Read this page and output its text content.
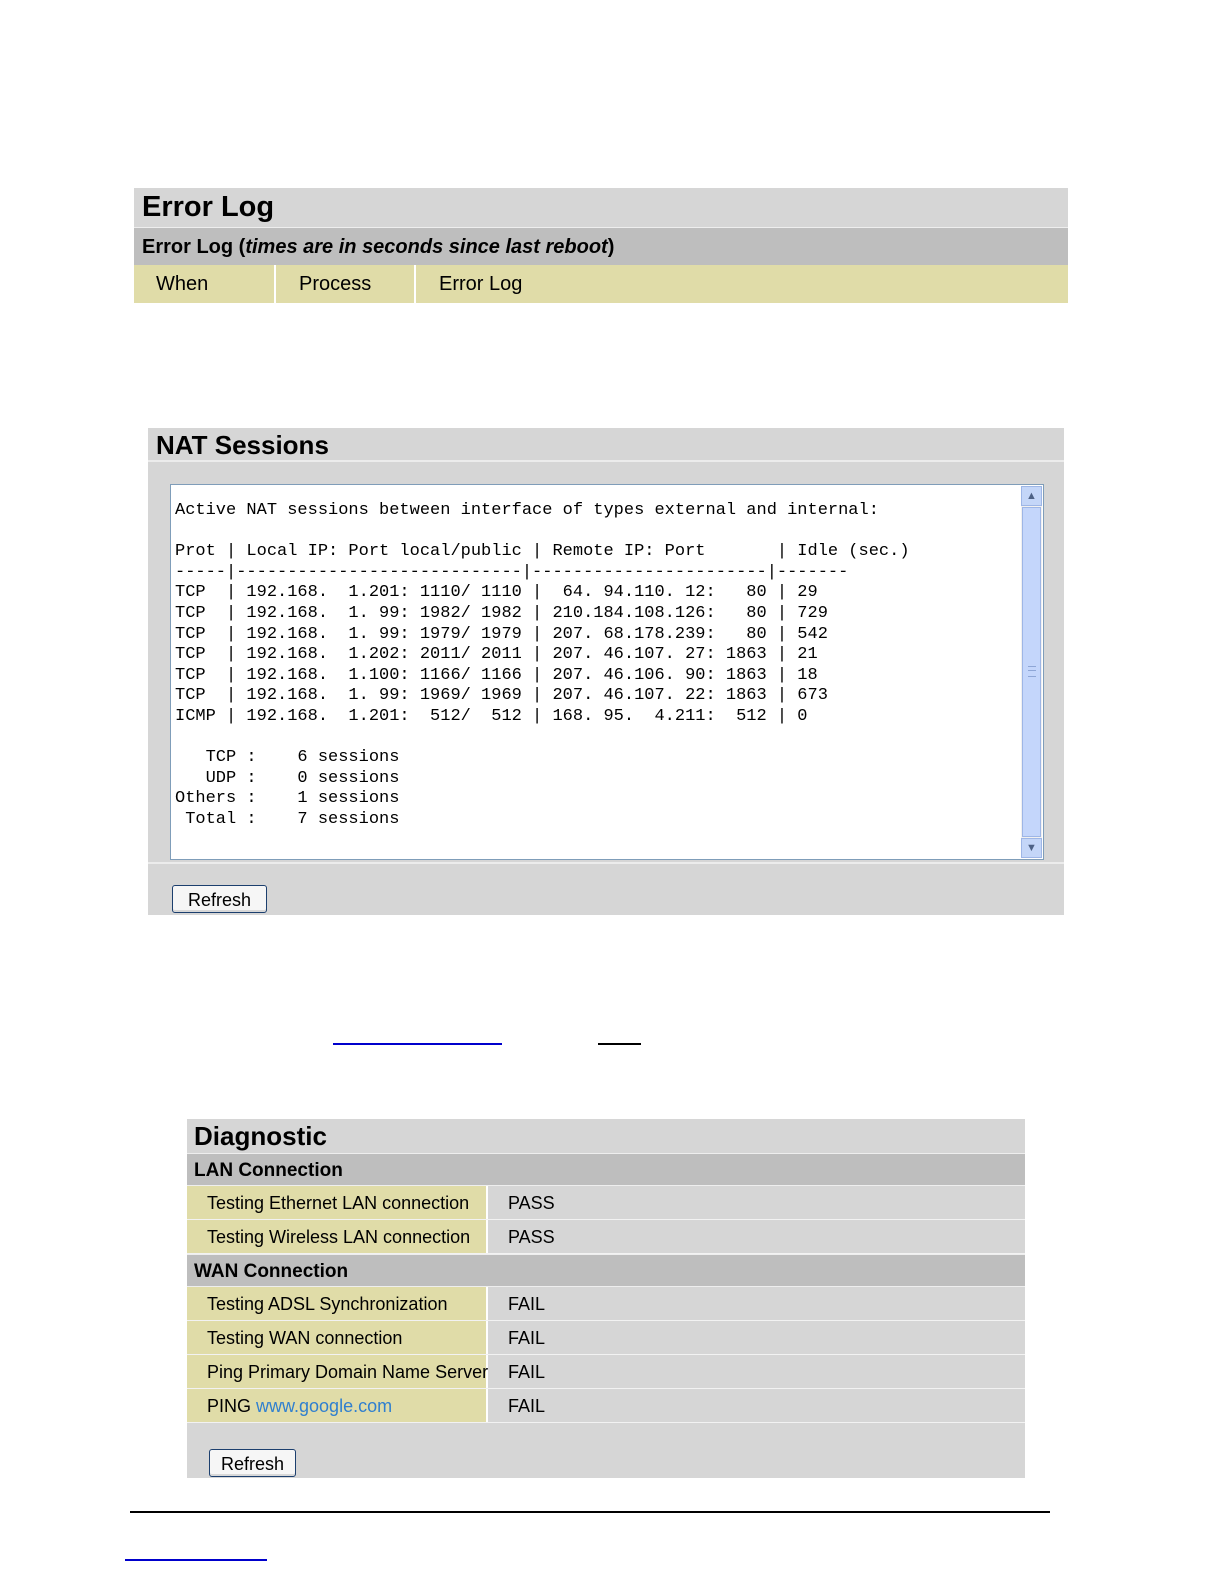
Error Log
Error Log (times are in seconds since last reboot)
When	Process	Error Log
NAT Sessions
Active NAT sessions between interface of types external and internal:

Prot | Local IP: Port local/public | Remote IP: Port       | Idle (sec.)
-----|----------------------------|-----------------------|-------
TCP  | 192.168.  1.201: 1110/ 1110 |  64. 94.110. 12:   80 | 29
TCP  | 192.168.  1. 99: 1982/ 1982 | 210.184.108.126:   80 | 729
TCP  | 192.168.  1. 99: 1979/ 1979 | 207. 68.178.239:   80 | 542
TCP  | 192.168.  1.202: 2011/ 2011 | 207. 46.107. 27: 1863 | 21
TCP  | 192.168.  1.100: 1166/ 1166 | 207. 46.106. 90: 1863 | 18
TCP  | 192.168.  1. 99: 1969/ 1969 | 207. 46.107. 22: 1863 | 673
ICMP | 192.168.  1.201:  512/  512 | 168. 95.  4.211:  512 | 0

TCP :    6 sessions
UDP :    0 sessions
Others :    1 sessions
Total :    7 sessions
▲
▼
Refresh
Diagnostic
LAN Connection
Testing Ethernet LAN connection	PASS
Testing Wireless LAN connection	PASS
WAN Connection
Testing ADSL Synchronization	FAIL
Testing WAN connection	FAIL
Ping Primary Domain Name Server	FAIL
PING www.google.com	FAIL
Refresh
